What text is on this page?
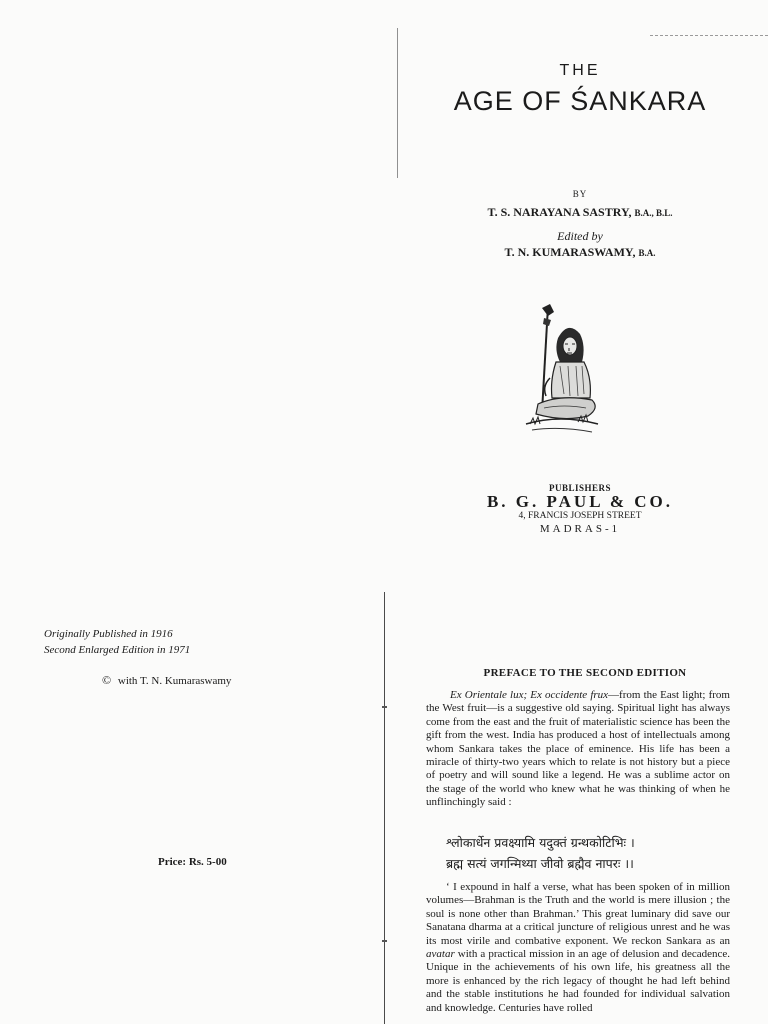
THE
AGE OF ŚANKARA
BY
T. S. NARAYANA SASTRY, B.A., B.L.
Edited by
T. N. KUMARASWAMY, B.A.
PUBLISHERS
B. G. PAUL & CO.
4, FRANCIS JOSEPH STREET
MADRAS-1
Originally Published in 1916
Second Enlarged Edition in 1971
© with T. N. Kumaraswamy
Price: Rs. 5-00
PREFACE TO THE SECOND EDITION
Ex Orientale lux; Ex occidente frux—from the East light; from the West fruit—is a suggestive old saying. Spiritual light has always come from the east and the fruit of materialistic science has been the gift from the west. India has produced a host of intellectuals among whom Sankara takes the place of eminence. His life has been a miracle of thirty-two years which to relate is not history but a piece of poetry and will sound like a legend. He was a sublime actor on the stage of the world who knew what he was thinking of when he unflinchingly said :
श्लोकार्धेन प्रवक्ष्यामि यदुक्तं ग्रन्थकोटिभिः ।
ब्रह्म सत्यं जगन्मिथ्या जीवो ब्रह्मैव नापरः ।।
‘ I expound in half a verse, what has been spoken of in million volumes—Brahman is the Truth and the world is mere illusion ; the soul is none other than Brahman.’ This great luminary did save our Sanatana dharma at a critical juncture of religious unrest and he was its most virile and combative exponent. We reckon Sankara as an avatar with a practical mission in an age of delusion and decadence. Unique in the achievements of his own life, his greatness all the more is enhanced by the rich legacy of thought he had left behind and the stable institutions he had founded for individual salvation and knowledge. Centuries have rolled
